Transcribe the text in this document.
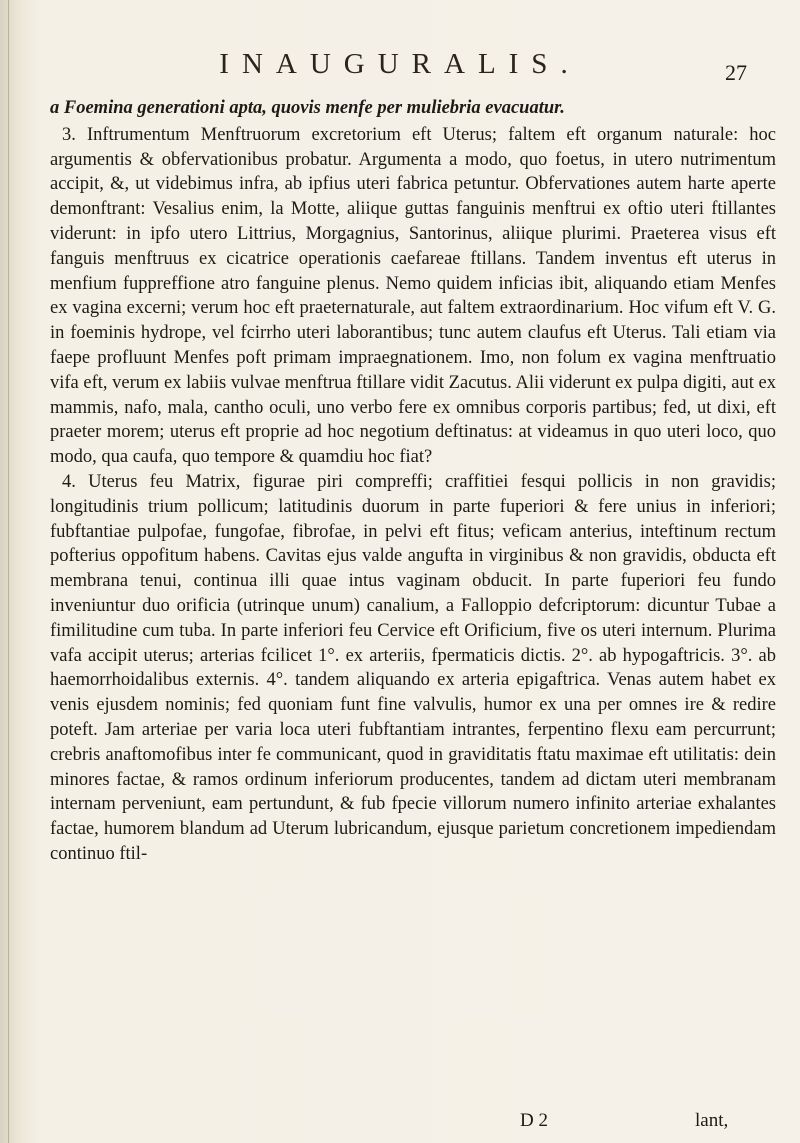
INAUGURALIS.	27

a Foemina generationi apta, quovis menfe per muliebria evacuatur.

3. Inftrumentum Menftruorum excretorium eft Uterus; faltem eft organum naturale: hoc argumentis & obfervationibus probatur. Argumenta a modo, quo foetus, in utero nutrimentum accipit, &, ut videbimus infra, ab ipfius uteri fabrica petuntur. Obfervationes autem harte aperte demonftrant: Vesalius enim, la Motte, aliique guttas fanguinis menftrui ex oftio uteri ftillantes viderunt: in ipfo utero Littrius, Morgagnius, Santorinus, aliique plurimi. Praeterea visus eft fanguis menftruus ex cicatrice operationis caefareae ftillans. Tandem inventus eft uterus in menfium fuppreffione atro fanguine plenus. Nemo quidem inficias ibit, aliquando etiam Menfes ex vagina excerni; verum hoc eft praeternaturale, aut faltem extraordinarium. Hoc vifum eft V. G. in foeminis hydrope, vel fcirrho uteri laborantibus; tunc autem claufus eft Uterus. Tali etiam via faepe profluunt Menfes poft primam impraegnationem. Imo, non folum ex vagina menftruatio vifa eft, verum ex labiis vulvae menftrua ftillare vidit Zacutus. Alii viderunt ex pulpa digiti, aut ex mammis, nafo, mala, cantho oculi, uno verbo fere ex omnibus corporis partibus; fed, ut dixi, eft praeter morem; uterus eft proprie ad hoc negotium deftinatus: at videamus in quo uteri loco, quo modo, qua caufa, quo tempore & quamdiu hoc fiat?

4. Uterus feu Matrix, figurae piri compreffi; craffitiei fesqui pollicis in non gravidis; longitudinis trium pollicum; latitudinis duorum in parte fuperiori & fere unius in inferiori; fubftantiae pulpofae, fungofae, fibrofae, in pelvi eft fitus; veficam anterius, inteftinum rectum pofterius oppofitum habens. Cavitas ejus valde angufta in virginibus & non gravidis, obducta eft membrana tenui, continua illi quae intus vaginam obducit. In parte fuperiori feu fundo inveniuntur duo orificia (utrinque unum) canalium, a Falloppio defcriptorum: dicuntur Tubae a fimilitudine cum tuba. In parte inferiori feu Cervice eft Orificium, five os uteri internum. Plurima vafa accipit uterus; arterias fcilicet 1°. ex arteriis, fpermaticis dictis. 2°. ab hypogaftricis. 3°. ab haemorrhoidalibus externis. 4°. tandem aliquando ex arteria epigaftrica. Venas autem habet ex venis ejusdem nominis; fed quoniam funt fine valvulis, humor ex una per omnes ire & redire poteft. Jam arteriae per varia loca uteri fubftantiam intrantes, ferpentino flexu eam percurrunt; crebris anaftomofibus inter fe communicant, quod in graviditatis ftatu maximae eft utilitatis: dein minores factae, & ramos ordinum inferiorum producentes, tandem ad dictam uteri membranam internam perveniunt, eam pertundunt, & fub fpecie villorum numero infinito arteriae exhalantes factae, humorem blandum ad Uterum lubricandum, ejusque parietum concretionem impediendam continuo ftil-

D 2	lant,
